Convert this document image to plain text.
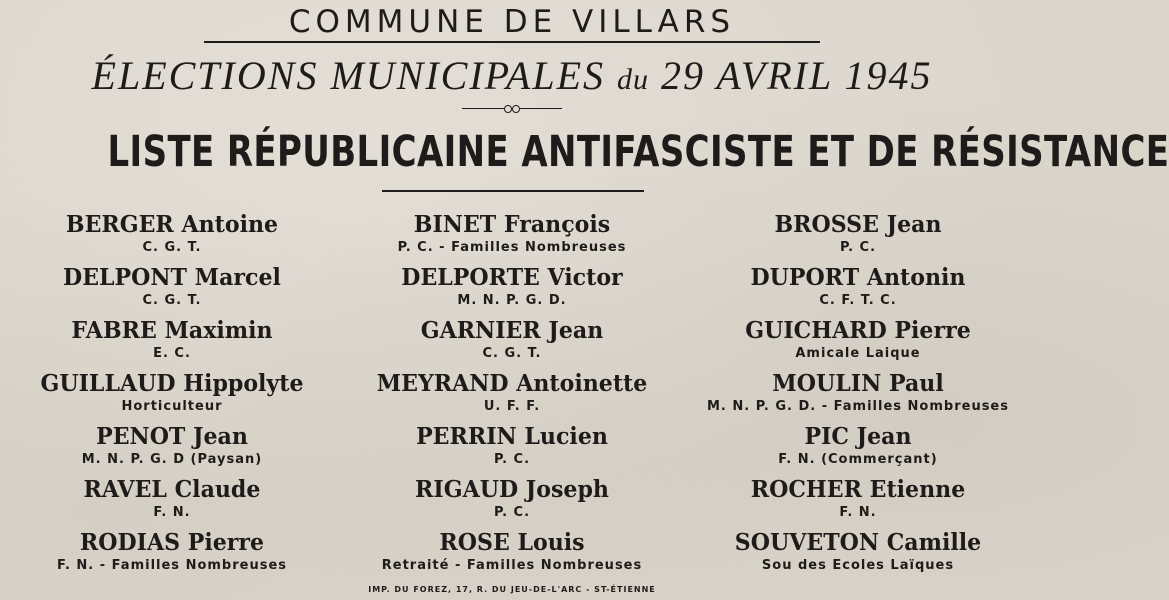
COMMUNE DE VILLARS
ÉLECTIONS MUNICIPALES du 29 AVRIL 1945
LISTE RÉPUBLICAINE ANTIFASCISTE ET DE RÉSISTANCE
BERGER Antoine
C. G. T.
DELPONT Marcel
C. G. T.
FABRE Maximin
E. C.
GUILLAUD Hippolyte
Horticulteur
PENOT Jean
M. N. P. G. D (Paysan)
RAVEL Claude
F. N.
RODIAS Pierre
F. N. - Familles Nombreuses
BINET François
P. C. - Familles Nombreuses
DELPORTE Victor
M. N. P. G. D.
GARNIER Jean
C. G. T.
MEYRAND Antoinette
U. F. F.
PERRIN Lucien
P. C.
RIGAUD Joseph
P. C.
ROSE Louis
Retraité - Familles Nombreuses
BROSSE Jean
P. C.
DUPORT Antonin
C. F. T. C.
GUICHARD Pierre
Amicale Laique
MOULIN Paul
M. N. P. G. D. - Familles Nombreuses
PIC Jean
F. N. (Commerçant)
ROCHER Etienne
F. N.
SOUVETON Camille
Sou des Ecoles Laïques
IMP. DU FOREZ, 17, R. DU JEU-DE-L'ARC - ST-ÉTIENNE
